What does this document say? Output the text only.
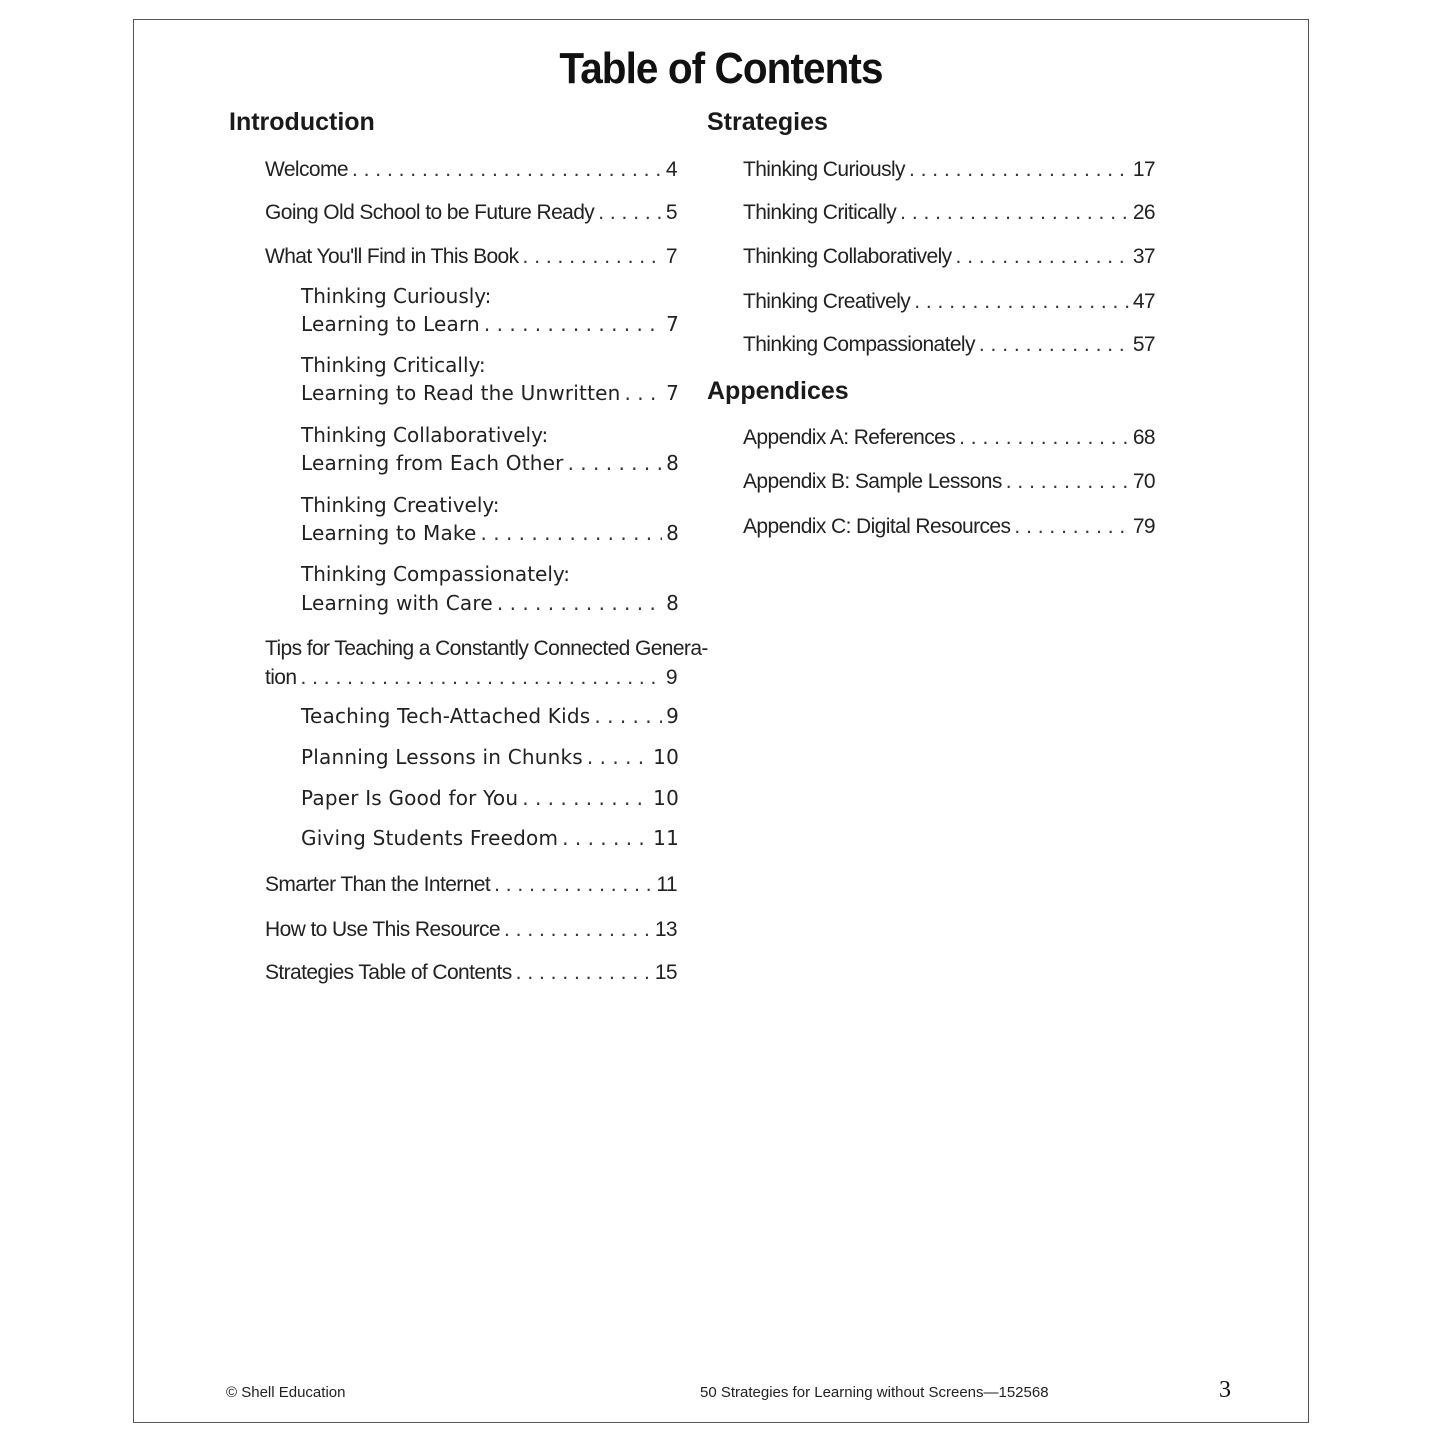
Table of Contents
Introduction
Welcome . . .	4
Going Old School to be Future Ready . . .	5
What You'll Find in This Book . . .	7
Thinking Curiously:
Learning to Learn . . .	7
Thinking Critically:
Learning to Read the Unwritten . . . 7
Thinking Collaboratively:
Learning from Each Other . . .	8
Thinking Creatively:
Learning to Make . . .	8
Thinking Compassionately:
Learning with Care . . .	8
Tips for Teaching a Constantly Connected Genera-
tion . . .	9
Teaching Tech-Attached Kids . . .	9
Planning Lessons in Chunks . . .	10
Paper Is Good for You . . .	10
Giving Students Freedom . . .	11
Smarter Than the Internet . . .	11
How to Use This Resource . . .	13
Strategies Table of Contents . . .	15
Strategies
Thinking Curiously . . .	17
Thinking Critically . . .	26
Thinking Collaboratively . . .	37
Thinking Creatively . . .	47
Thinking Compassionately . . .	57
Appendices
Appendix A: References . . .	68
Appendix B: Sample Lessons . . .	70
Appendix C: Digital Resources . . .	79
© Shell Education	50 Strategies for Learning without Screens—152568	3
